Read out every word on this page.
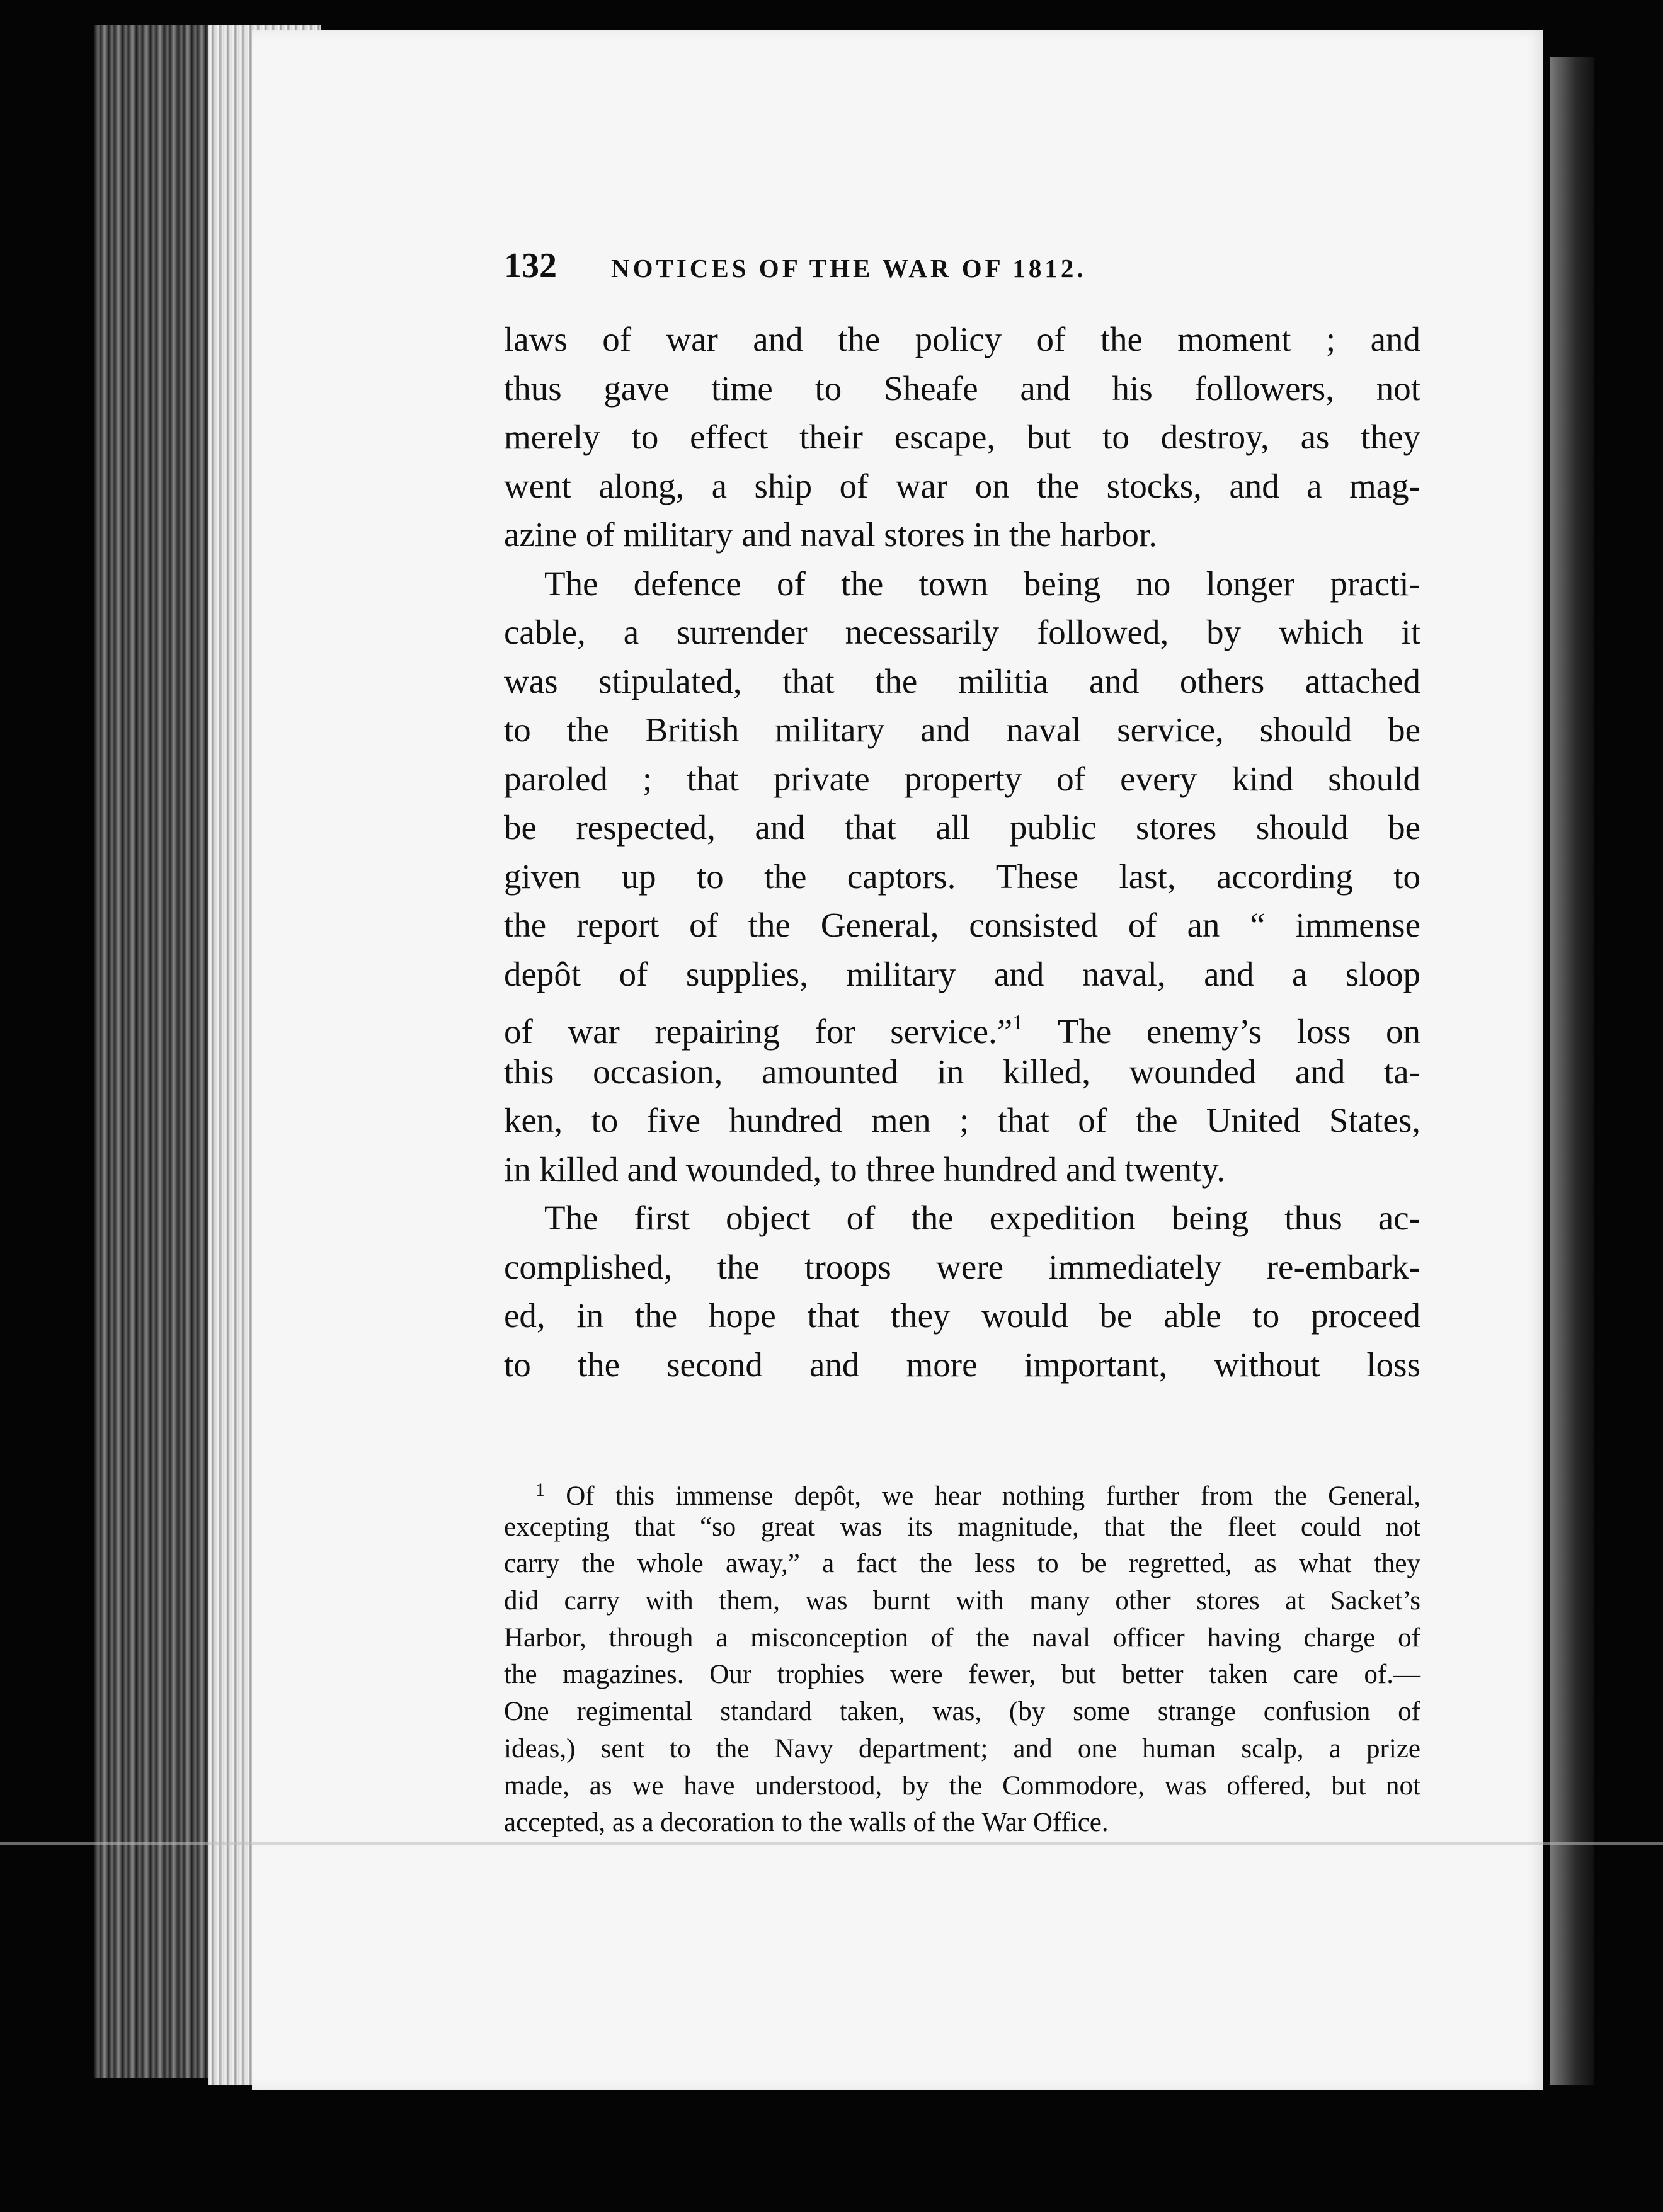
132	NOTICES OF THE WAR OF 1812.
laws of war and the policy of the moment ; and
thus gave time to Sheafe and his followers, not
merely to effect their escape, but to destroy, as they
went along, a ship of war on the stocks, and a mag-
azine of military and naval stores in the harbor.
The defence of the town being no longer practi-
cable, a surrender necessarily followed, by which it
was stipulated, that the militia and others attached
to the British military and naval service, should be
paroled ; that private property of every kind should
be respected, and that all public stores should be
given up to the captors. These last, according to
the report of the General, consisted of an “ immense
depôt of supplies, military and naval, and a sloop
of war repairing for service.”$^1$ The enemy’s loss on
this occasion, amounted in killed, wounded and ta-
ken, to five hundred men ; that of the United States,
in killed and wounded, to three hundred and twenty.
The first object of the expedition being thus ac-
complished, the troops were immediately re-embark-
ed, in the hope that they would be able to proceed
to the second and more important, without loss
$^1$ Of this immense depôt, we hear nothing further from the General,
excepting that “so great was its magnitude, that the fleet could not
carry the whole away,” a fact the less to be regretted, as what they
did carry with them, was burnt with many other stores at Sacket’s
Harbor, through a misconception of the naval officer having charge of
the magazines. Our trophies were fewer, but better taken care of.—
One regimental standard taken, was, (by some strange confusion of
ideas,) sent to the Navy department; and one human scalp, a prize
made, as we have understood, by the Commodore, was offered, but not
accepted, as a decoration to the walls of the War Office.
